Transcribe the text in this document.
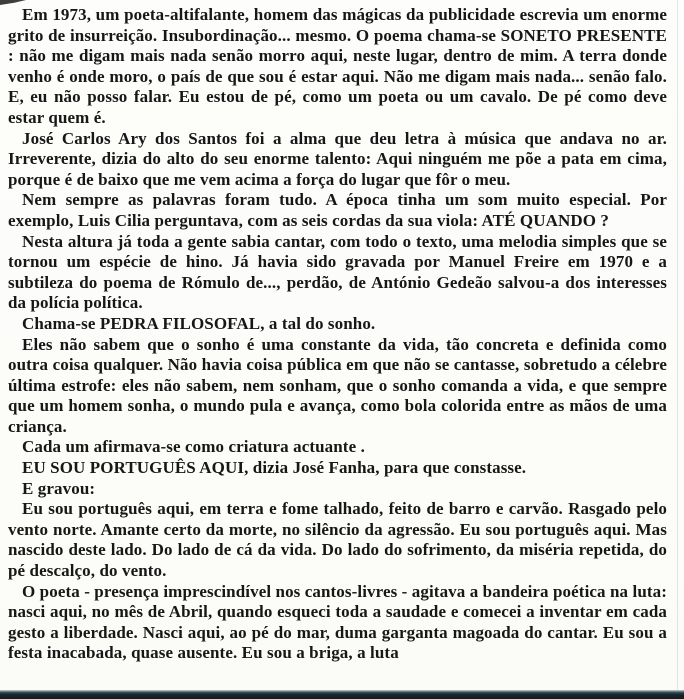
Em 1973, um poeta-altifalante, homem das mágicas da publicidade escrevia um enorme grito de insurreição. Insubordinação... mesmo. O poema chama-se SONETO PRESENTE : não me digam mais nada senão morro aqui, neste lugar, dentro de mim. A terra donde venho é onde moro, o país de que sou é estar aqui. Não me digam mais nada... senão falo. E, eu não posso falar. Eu estou de pé, como um poeta ou um cavalo. De pé como deve estar quem é.

José Carlos Ary dos Santos foi a alma que deu letra à música que andava no ar. Irreverente, dizia do alto do seu enorme talento: Aqui ninguém me põe a pata em cima, porque é de baixo que me vem acima a força do lugar que fôr o meu.

Nem sempre as palavras foram tudo. A época tinha um som muito especial. Por exemplo, Luis Cilia perguntava, com as seis cordas da sua viola: ATÉ QUANDO ?

Nesta altura já toda a gente sabia cantar, com todo o texto, uma melodia simples que se tornou um espécie de hino. Já havia sido gravada por Manuel Freire em 1970 e a subtileza do poema de Rómulo de..., perdão, de António Gedeão salvou-a dos interesses da polícia política.

Chama-se PEDRA FILOSOFAL, a tal do sonho.

Eles não sabem que o sonho é uma constante da vida, tão concreta e definida como outra coisa qualquer. Não havia coisa pública em que não se cantasse, sobretudo a célebre última estrofe: eles não sabem, nem sonham, que o sonho comanda a vida, e que sempre que um homem sonha, o mundo pula e avança, como bola colorida entre as mãos de uma criança.

Cada um afirmava-se como criatura actuante .

EU SOU PORTUGUÊS AQUI, dizia José Fanha, para que constasse.

E gravou:

Eu sou português aqui, em terra e fome talhado, feito de barro e carvão. Rasgado pelo vento norte. Amante certo da morte, no silêncio da agressão. Eu sou português aqui. Mas nascido deste lado. Do lado de cá da vida. Do lado do sofrimento, da miséria repetida, do pé descalço, do vento.

O poeta - presença imprescindível nos cantos-livres - agitava a bandeira poética na luta: nasci aqui, no mês de Abril, quando esqueci toda a saudade e comecei a inventar em cada gesto a liberdade. Nasci aqui, ao pé do mar, duma garganta magoada do cantar. Eu sou a festa inacabada, quase ausente. Eu sou a briga, a luta
